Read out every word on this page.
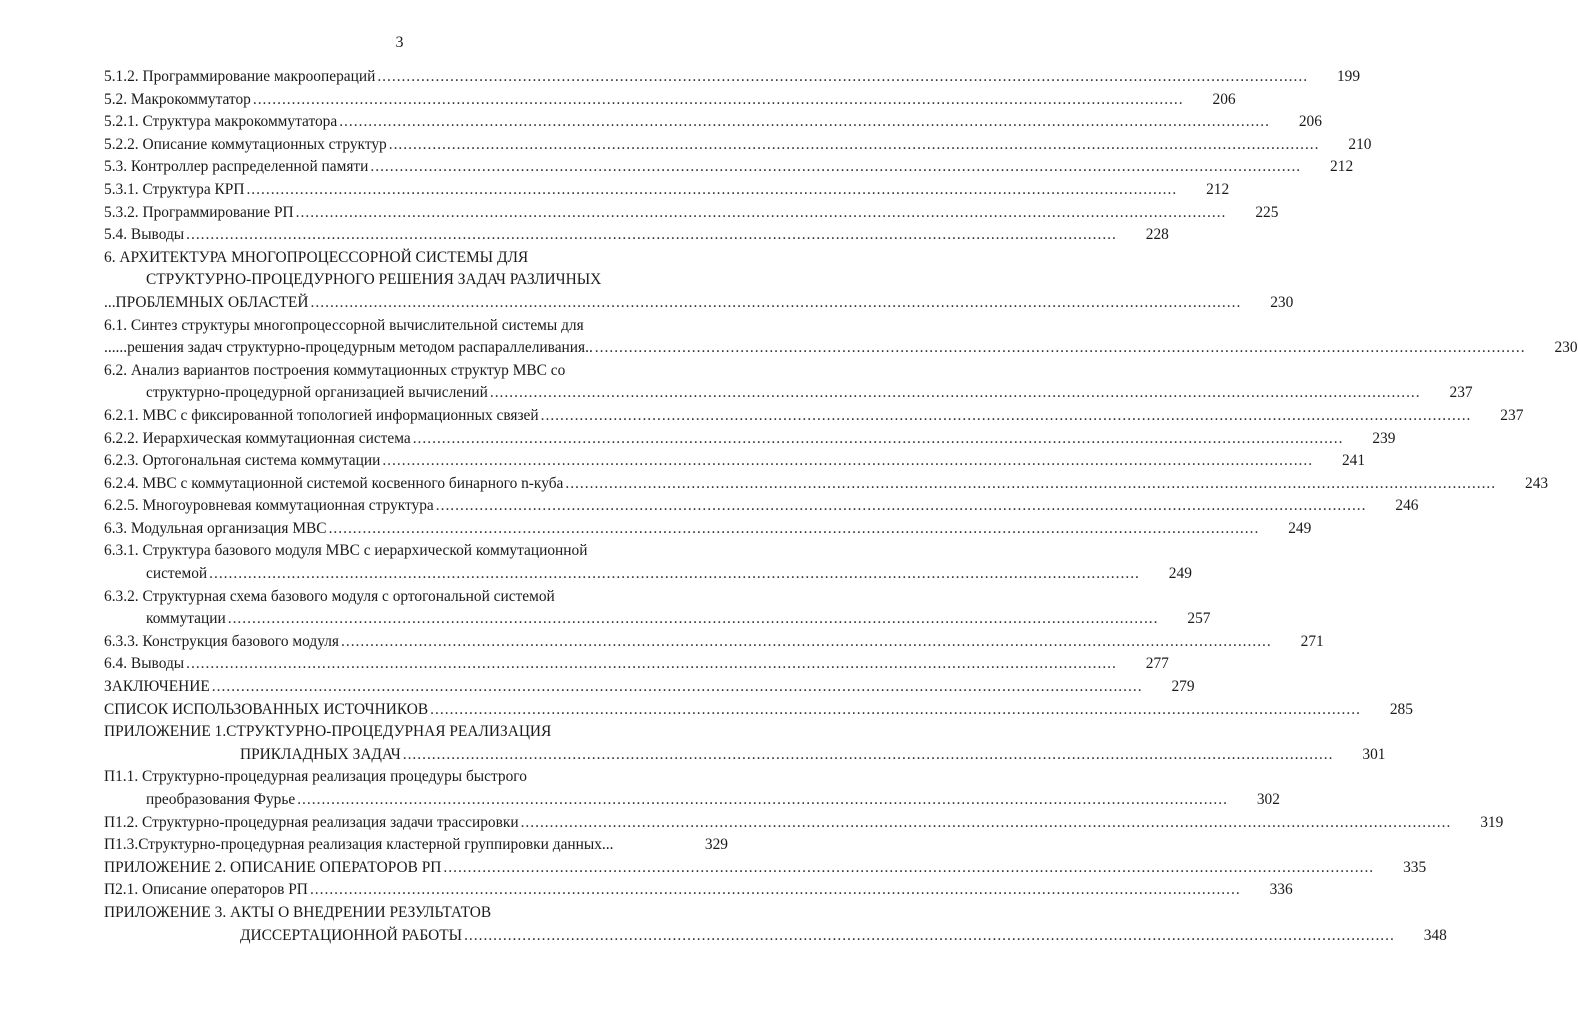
3
5.1.2. Программирование макроопераций .....	199
5.2. Макрокоммутатор .....	206
5.2.1. Структура макрокоммутатора .....	206
5.2.2. Описание коммутационных структур .....	210
5.3. Контроллер распределенной памяти .....	212
5.3.1. Структура КРП .....	212
5.3.2. Программирование РП .....	225
5.4. Выводы .....	228
6. АРХИТЕКТУРА МНОГОПРОЦЕССОРНОЙ СИСТЕМЫ ДЛЯ
СТРУКТУРНО-ПРОЦЕДУРНОГО РЕШЕНИЯ ЗАДАЧ РАЗЛИЧНЫХ
...ПРОБЛЕМНЫХ ОБЛАСТЕЙ .....	230
6.1. Синтез структуры многопроцессорной вычислительной системы для
......решения задач структурно-процедурным методом распараллеливания.. .....	230
6.2. Анализ вариантов построения коммутационных структур МВС со
структурно-процедурной организацией вычислений .....	237
6.2.1. МВС с фиксированной топологией информационных связей .....	237
6.2.2. Иерархическая коммутационная система .....	239
6.2.3. Ортогональная система коммутации .....	241
6.2.4. МВС с коммутационной системой косвенного бинарного n-куба .....	243
6.2.5. Многоуровневая коммутационная структура .....	246
6.3. Модульная организация МВС .....	249
6.3.1. Структура базового модуля МВС с иерархической коммутационной
системой .....	249
6.3.2. Структурная схема базового модуля с ортогональной системой
коммутации .....	257
6.3.3. Конструкция базового модуля .....	271
6.4. Выводы .....	277
ЗАКЛЮЧЕНИЕ .....	279
СПИСОК ИСПОЛЬЗОВАННЫХ ИСТОЧНИКОВ .....	285
ПРИЛОЖЕНИЕ 1.СТРУКТУРНО-ПРОЦЕДУРНАЯ РЕАЛИЗАЦИЯ
ПРИКЛАДНЫХ ЗАДАЧ .....	301
П1.1. Структурно-процедурная реализация процедуры быстрого
преобразования Фурье .....	302
П1.2. Структурно-процедурная реализация задачи трассировки .....	319
П1.3.Структурно-процедурная реализация кластерной группировки данных...	329
ПРИЛОЖЕНИЕ 2. ОПИСАНИЕ ОПЕРАТОРОВ РП .....	335
П2.1. Описание операторов РП .....	336
ПРИЛОЖЕНИЕ 3. АКТЫ О ВНЕДРЕНИИ РЕЗУЛЬТАТОВ
ДИССЕРТАЦИОННОЙ РАБОТЫ .....	348
